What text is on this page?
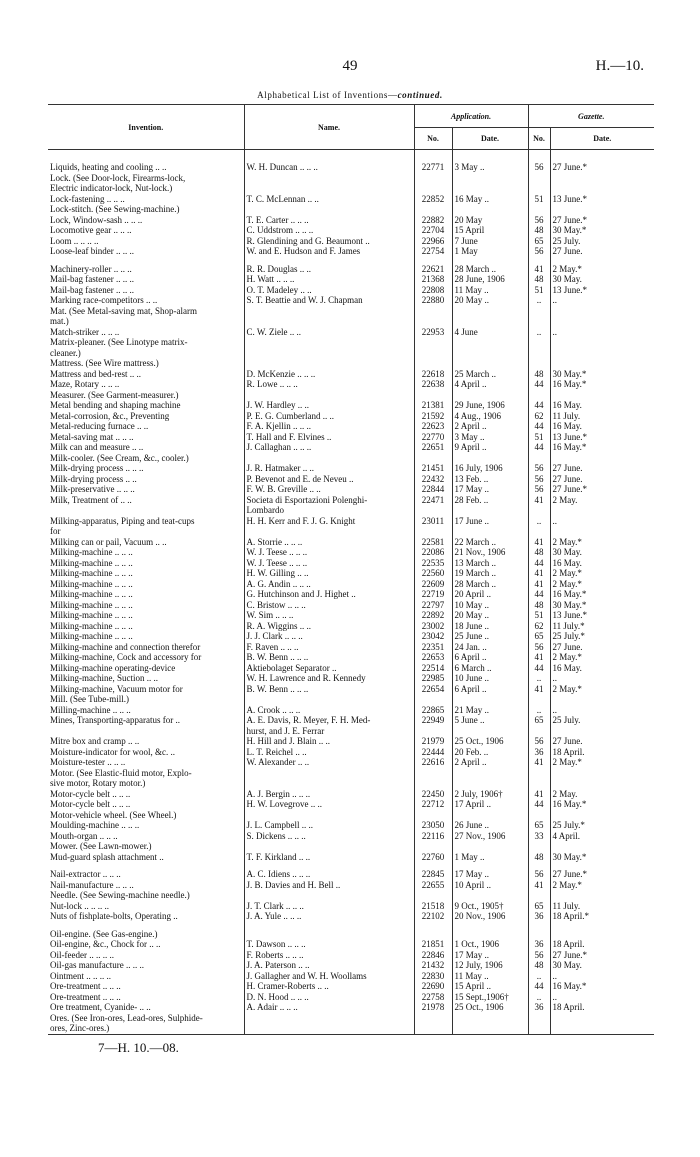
49	H.—10.
Alphabetical List of Inventions—continued.
Invention.	Name.	Application.		Gazette.	
		No.	Date.	No.	Date.
Liquids, heating and cooling .. ..	W. H. Duncan .. .. ..	22771	3 May ..	56	27 June.*
Lock. (See Door-lock, Firearms-lock,					
Electric indicator-lock, Nut-lock.)					
Lock-fastening .. .. ..	T. C. McLennan .. ..	22852	16 May ..	51	13 June.*
Lock-stitch. (See Sewing-machine.)					
Lock, Window-sash .. .. ..	T. E. Carter .. .. ..	22882	20 May	56	27 June.*
Locomotive gear .. .. ..	C. Uddstrom .. .. ..	22704	15 April	48	30 May.*
Loom .. .. .. ..	R. Glendining and G. Beaumont ..	22966	7 June	65	25 July.
Loose-leaf binder .. .. ..	W. and E. Hudson and F. James	22754	1 May	56	27 June.

Machinery-roller .. .. ..	R. R. Douglas .. ..	22621	28 March ..	41	2 May.*
Mail-bag fastener .. .. ..	H. Watt .. .. ..	21368	28 June, 1906	48	30 May.
Mail-bag fastener .. .. ..	O. T. Madeley .. ..	22808	11 May ..	51	13 June.*
Marking race-competitors .. ..	S. T. Beattie and W. J. Chapman	22880	20 May ..	..	..
Mat. (See Metal-saving mat, Shop-alarm					
mat.)					
Match-striker .. .. ..	C. W. Ziele .. ..	22953	4 June	..	..
Matrix-pleaner. (See Linotype matrix-					
cleaner.)					
Mattress. (See Wire mattress.)					
Mattress and bed-rest .. ..	D. McKenzie .. .. ..	22618	25 March ..	48	30 May.*
Maze, Rotary .. .. ..	R. Lowe .. .. ..	22638	4 April ..	44	16 May.*
Measurer. (See Garment-measurer.)					
Metal bending and shaping machine	J. W. Hardley .. ..	21381	29 June, 1906	44	16 May.
Metal-corrosion, &c., Preventing	P. E. G. Cumberland .. ..	21592	4 Aug., 1906	62	11 July.
Metal-reducing furnace .. ..	F. A. Kjellin .. .. ..	22623	2 April ..	44	16 May.
Metal-saving mat .. .. ..	T. Hall and F. Elvines ..	22770	3 May ..	51	13 June.*
Milk can and measure .. ..	J. Callaghan .. .. ..	22651	9 April ..	44	16 May.*
Milk-cooler. (See Cream, &c., cooler.)					
Milk-drying process .. .. ..	J. R. Hatmaker .. ..	21451	16 July, 1906	56	27 June.
Milk-drying process .. ..	P. Bevenot and E. de Neveu ..	22432	13 Feb. ..	56	27 June.
Milk-preservative .. .. ..	F. W. B. Greville .. ..	22844	17 May ..	56	27 June.*
Milk, Treatment of .. ..	Societa di Esportazioni Polenghi-	22471	28 Feb. ..	41	2 May.
	Lombardo				
Milking-apparatus, Piping and teat-cups	H. H. Kerr and F. J. G. Knight	23011	17 June ..	..	..
for					
Milking can or pail, Vacuum .. ..	A. Storrie .. .. ..	22581	22 March ..	41	2 May.*
Milking-machine .. .. ..	W. J. Teese .. .. ..	22086	21 Nov., 1906	48	30 May.
Milking-machine .. .. ..	W. J. Teese .. .. ..	22535	13 March ..	44	16 May.
Milking-machine .. .. ..	H. W. Gilling .. ..	22560	19 March ..	41	2 May.*
Milking-machine .. .. ..	A. G. Andin .. .. ..	22609	28 March ..	41	2 May.*
Milking-machine .. .. ..	G. Hutchinson and J. Highet ..	22719	20 April ..	44	16 May.*
Milking-machine .. .. ..	C. Bristow .. .. ..	22797	10 May ..	48	30 May.*
Milking-machine .. .. ..	W. Sim .. .. ..	22892	20 May ..	51	13 June.*
Milking-machine .. .. ..	R. A. Wiggins .. ..	23002	18 June ..	62	11 July.*
Milking-machine .. .. ..	J. J. Clark .. .. ..	23042	25 June ..	65	25 July.*
Milking-machine and connection therefor	F. Raven .. .. ..	22351	24 Jan. ..	56	27 June.
Milking-machine, Cock and accessory for	B. W. Benn .. .. ..	22653	6 April ..	41	2 May.*
Milking-machine operating-device	Aktiebolaget Separator ..	22514	6 March ..	44	16 May.
Milking-machine, Suction .. ..	W. H. Lawrence and R. Kennedy	22985	10 June ..	..	..
Milking-machine, Vacuum motor for	B. W. Benn .. .. ..	22654	6 April ..	41	2 May.*
Mill. (See Tube-mill.)					
Milling-machine .. .. ..	A. Crook .. .. ..	22865	21 May ..	..	..
Mines, Transporting-apparatus for ..	A. E. Davis, R. Meyer, F. H. Med-	22949	5 June ..	65	25 July.
	hurst, and J. E. Ferrar				
Mitre box and cramp .. ..	H. Hill and J. Blain .. ..	21979	25 Oct., 1906	56	27 June.
Moisture-indicator for wool, &c. ..	L. T. Reichel .. ..	22444	20 Feb. ..	36	18 April.
Moisture-tester .. .. ..	W. Alexander .. ..	22616	2 April ..	41	2 May.*
Motor. (See Elastic-fluid motor, Explo-					
sive motor, Rotary motor.)					
Motor-cycle belt .. .. ..	A. J. Bergin .. .. ..	22450	2 July, 1906†	41	2 May.
Motor-cycle belt .. .. ..	H. W. Lovegrove .. ..	22712	17 April ..	44	16 May.*
Motor-vehicle wheel. (See Wheel.)					
Moulding-machine .. .. ..	J. L. Campbell .. ..	23050	26 June ..	65	25 July.*
Mouth-organ .. .. ..	S. Dickens .. .. ..	22116	27 Nov., 1906	33	4 April.
Mower. (See Lawn-mower.)					
Mud-guard splash attachment ..	T. F. Kirkland .. ..	22760	1 May ..	48	30 May.*

Nail-extractor .. .. ..	A. C. Idiens .. .. ..	22845	17 May ..	56	27 June.*
Nail-manufacture .. .. ..	J. B. Davies and H. Bell ..	22655	10 April ..	41	2 May.*
Needle. (See Sewing-machine needle.)					
Nut-lock .. .. .. ..	J. T. Clark .. .. ..	21518	9 Oct., 1905†	65	11 July.
Nuts of fishplate-bolts, Operating ..	J. A. Yule .. .. ..	22102	20 Nov., 1906	36	18 April.*

Oil-engine. (See Gas-engine.)					
Oil-engine, &c., Chock for .. ..	T. Dawson .. .. ..	21851	1 Oct., 1906	36	18 April.
Oil-feeder .. .. .. ..	F. Roberts .. .. ..	22846	17 May ..	56	27 June.*
Oil-gas manufacture .. .. ..	J. A. Paterson .. ..	21432	12 July, 1906	48	30 May.
Ointment .. .. .. ..	J. Gallagher and W. H. Woollams	22830	11 May ..	..	..
Ore-treatment .. .. ..	H. Cramer-Roberts .. ..	22690	15 April ..	44	16 May.*
Ore-treatment .. .. ..	D. N. Hood .. .. ..	22758	15 Sept.,1906†	..	..
Ore treatment, Cyanide- .. ..	A. Adair .. .. ..	21978	25 Oct., 1906	36	18 April.
Ores. (See Iron-ores, Lead-ores, Sulphide-					
ores, Zinc-ores.)					
7—H. 10.—08.
